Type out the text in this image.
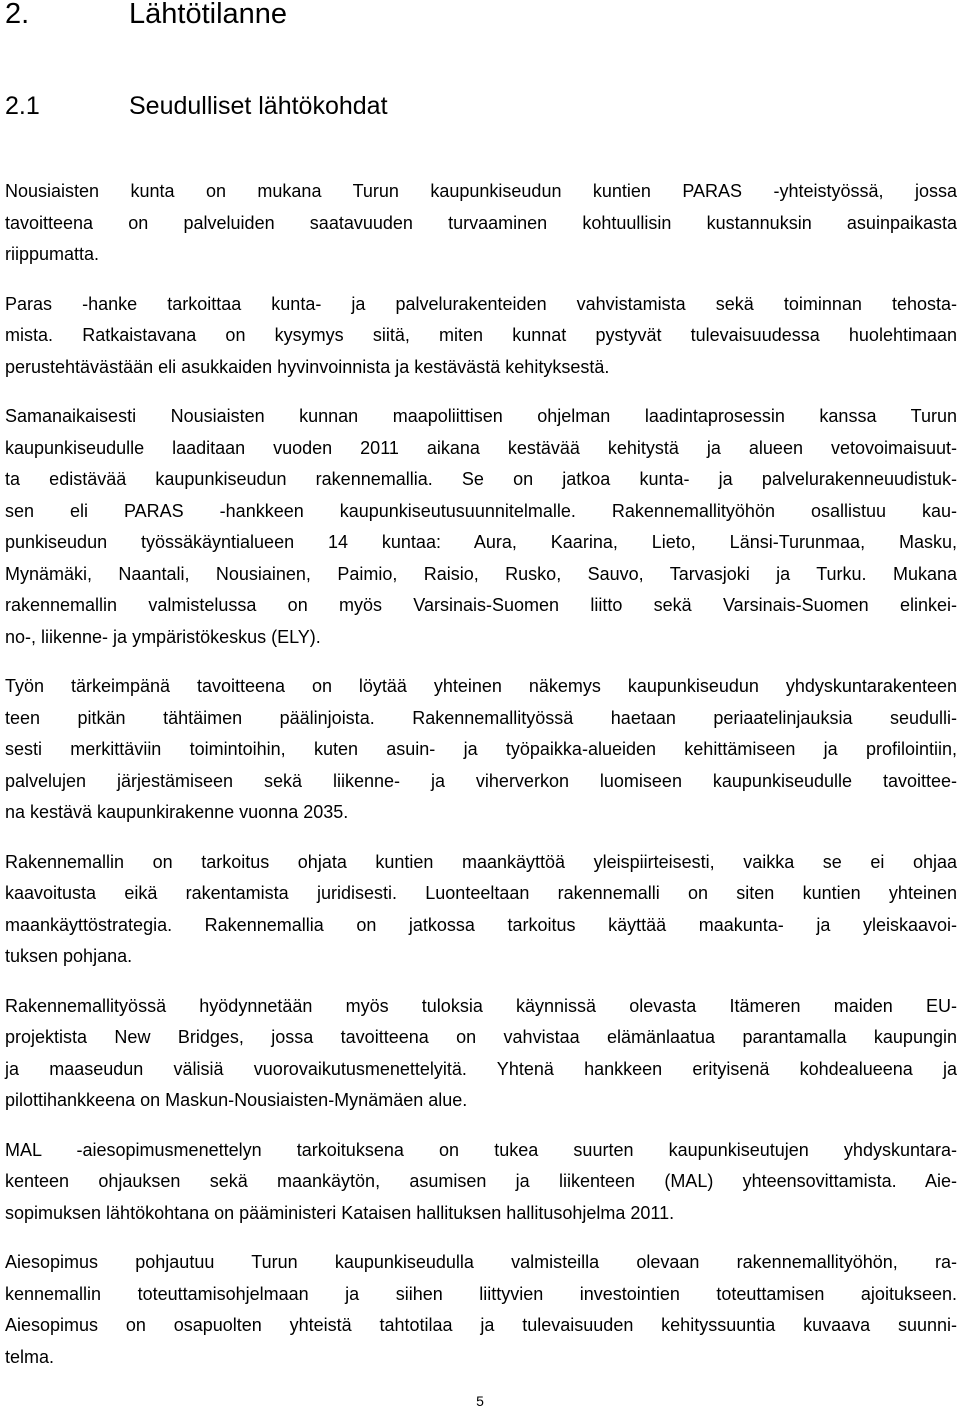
2.	Lähtötilanne
2.1	Seudulliset lähtökohdat
Nousiaisten kunta on mukana Turun kaupunkiseudun kuntien PARAS -yhteistyössä, jossa
tavoitteena on palveluiden saatavuuden turvaaminen kohtuullisin kustannuksin asuinpaikasta
riippumatta.
Paras -hanke tarkoittaa kunta- ja palvelurakenteiden vahvistamista sekä toiminnan tehosta-
mista. Ratkaistavana on kysymys siitä, miten kunnat pystyvät tulevaisuudessa huolehtimaan
perustehtävästään eli asukkaiden hyvinvoinnista ja kestävästä kehityksestä.
Samanaikaisesti Nousiaisten kunnan maapoliittisen ohjelman laadintaprosessin kanssa Turun
kaupunkiseudulle laaditaan vuoden 2011 aikana kestävää kehitystä ja alueen vetovoimaisuut-
ta edistävää kaupunkiseudun rakennemallia. Se on jatkoa kunta- ja palvelurakenneuudistuk-
sen eli PARAS -hankkeen kaupunkiseutusuunnitelmalle. Rakennemallityöhön osallistuu kau-
punkiseudun työssäkäyntialueen 14 kuntaa: Aura, Kaarina, Lieto, Länsi-Turunmaa, Masku,
Mynämäki, Naantali, Nousiainen, Paimio, Raisio, Rusko, Sauvo, Tarvasjoki ja Turku. Mukana
rakennemallin valmistelussa on myös Varsinais-Suomen liitto sekä Varsinais-Suomen elinkei-
no-, liikenne- ja ympäristökeskus (ELY).
Työn tärkeimpänä tavoitteena on löytää yhteinen näkemys kaupunkiseudun yhdyskuntarakenteen
teen pitkän tähtäimen päälinjoista. Rakennemallityössä haetaan periaatelinjauksia seudulli-
sesti merkittäviin toimintoihin, kuten asuin- ja työpaikka-alueiden kehittämiseen ja profilointiin,
palvelujen järjestämiseen sekä liikenne- ja viherverkon luomiseen kaupunkiseudulle tavoittee-
na kestävä kaupunkirakenne vuonna 2035.
Rakennemallin on tarkoitus ohjata kuntien maankäyttöä yleispiirteisesti, vaikka se ei ohjaa
kaavoitusta eikä rakentamista juridisesti. Luonteeltaan rakennemalli on siten kuntien yhteinen
maankäyttöstrategia. Rakennemallia on jatkossa tarkoitus käyttää maakunta- ja yleiskaavoi-
tuksen pohjana.
Rakennemallityössä hyödynnetään myös tuloksia käynnissä olevasta Itämeren maiden EU-
projektista New Bridges, jossa tavoitteena on vahvistaa elämänlaatua parantamalla kaupungin
ja maaseudun välisiä vuorovaikutusmenettelyitä. Yhtenä hankkeen erityisenä kohdealueena ja
pilottihankkeena on Maskun-Nousiaisten-Mynämäen alue.
MAL -aiesopimusmenettelyn tarkoituksena on tukea suurten kaupunkiseutujen yhdyskuntara-
kenteen ohjauksen sekä maankäytön, asumisen ja liikenteen (MAL) yhteensovittamista. Aie-
sopimuksen lähtökohtana on pääministeri Kataisen hallituksen hallitusohjelma 2011.
Aiesopimus pohjautuu Turun kaupunkiseudulla valmisteilla olevaan rakennemallityöhön, ra-
kennemallin toteuttamisohjelmaan ja siihen liittyvien investointien toteuttamisen ajoitukseen.
Aiesopimus on osapuolten yhteistä tahtotilaa ja tulevaisuuden kehityssuuntia kuvaava suunni-
telma.
5
